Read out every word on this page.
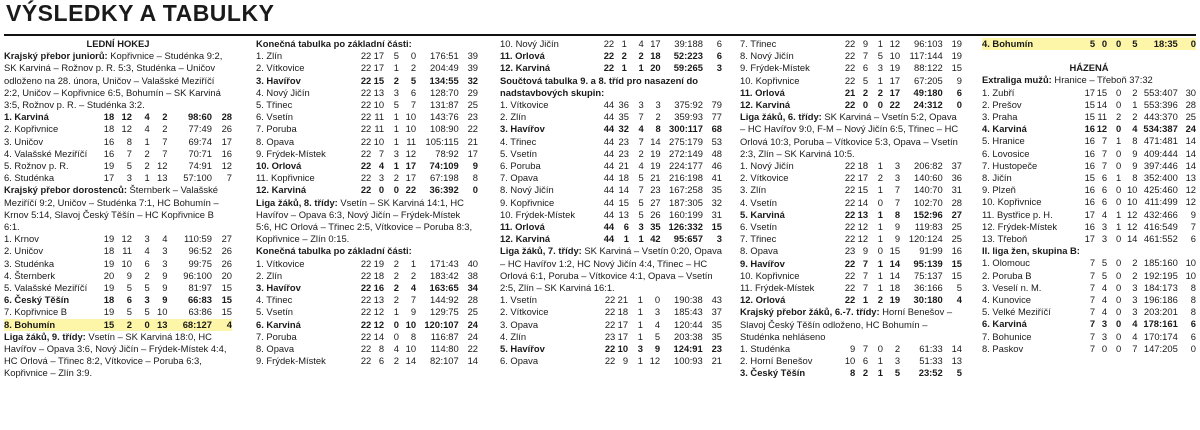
VÝSLEDKY A TABULKY
LEDNÍ HOKEJ
Krajský přebor juniorů: Kopřivnice – Studénka 9:2, SK Karviná – Rožnov p. R. 5:3, Studénka – Uničov odloženo na 28. února, Uničov – Valašské Meziříčí 2:2, Uničov – Kopřivnice 6:5, Bohumín – SK Karviná 3:5, Rožnov p. R. – Studénka 3:2.
1. Karviná	18	12	4	2	98:60	28
2. Kopřivnice	18	12	4	2	77:49	26
3. Uničov	16	8	1	7	69:74	17
4. Valašské Meziříčí	16	7	2	7	70:71	16
5. Rožnov p. R.	19	5	2	12	74:91	12
6. Studénka	17	3	1	13	57:100	7
Krajský přebor dorostenců: Šternberk – Valašské Meziříčí 9:2, Uničov – Studénka 7:1, HC Bohumín – Krnov 5:14, Slavoj Český Těšín – HC Kopřivnice B 6:1.
1. Krnov	19	12	3	4	110:59	27
2. Uničov	18	11	4	3	96:52	26
3. Studénka	19	10	6	3	99:75	26
4. Šternberk	20	9	2	9	96:100	20
5. Valašské Meziříčí	19	5	5	9	81:97	15
6. Český Těšín	18	6	3	9	66:83	15
7. Kopřivnice B	19	5	5	10	63:86	15
8. Bohumín	15	2	0	13	68:127	4
Liga žáků, 9. třídy: Vsetín – SK Karviná 18:0, HC Havířov – Opava 3:6, Nový Jičín – Frýdek-Místek 4:4, HC Orlová – Třinec 8:2, Vítkovice – Poruba 6:3, Kopřivnice – Zlín 3:9.
Konečná tabulka po základní části:
1. Zlín	22	17	5	0	176:51	39
2. Vítkovice	22	17	1	2	204:49	39
3. Havířov	22	15	2	5	134:55	32
4. Nový Jičín	22	13	3	6	128:70	29
5. Třinec	22	10	5	7	131:87	25
6. Vsetín	22	11	1	10	143:76	23
7. Poruba	22	11	1	10	108:90	22
8. Opava	22	10	1	11	105:115	21
9. Frýdek-Místek	22	7	3	12	78:92	17
10. Orlová	22	4	1	17	74:109	9
11. Kopřivnice	22	3	2	17	67:198	8
12. Karviná	22	0	0	22	36:392	0
Liga žáků, 8. třídy: Vsetín – SK Karviná 14:1, HC Havířov – Opava 6:3, Nový Jičín – Frýdek-Místek 5:6, HC Orlová – Třinec 2:5, Vítkovice – Poruba 8:3, Kopřivnice – Zlín 0:15.
Konečná tabulka po základní části:
1. Vítkovice	22	19	2	1	171:43	40
2. Zlín	22	18	2	2	183:42	38
3. Havířov	22	16	2	4	163:65	34
4. Třinec	22	13	2	7	144:92	28
5. Vsetín	22	12	1	9	129:75	25
6. Karviná	22	12	0	10	120:107	24
7. Poruba	22	14	0	8	116:87	24
8. Opava	22	8	4	10	114:80	22
9. Frýdek-Místek	22	6	2	14	82:107	14
10. Nový Jičín	22	1	4	17	39:188	6
11. Orlová	22	2	2	18	52:223	6
12. Karviná	22	1	1	20	59:265	3
Součtová tabulka 9. a 8. tříd pro nasazení do nadstavbových skupin:
1. Vítkovice	44	36	3	3	375:92	79
2. Zlín	44	35	7	2	359:93	77
3. Havířov	44	32	4	8	300:117	68
4. Třinec	44	23	7	14	275:179	53
5. Vsetín	44	23	2	19	272:149	48
6. Poruba	44	21	4	19	224:177	46
7. Opava	44	18	5	21	216:198	41
8. Nový Jičín	44	14	7	23	167:258	35
9. Kopřivnice	44	15	5	27	187:305	32
10. Frýdek-Místek	44	13	5	26	160:199	31
11. Orlová	44	6	3	35	126:332	15
12. Karviná	44	1	1	42	95:657	3
Liga žáků, 7. třídy: SK Karviná – Vsetín 0:20, Opava – HC Havířov 1:2, HC Nový Jičín 4:4, Třinec – HC Orlová 6:1, Poruba – Vítkovice 4:1, Opava – Vsetín 2:5, Zlín – SK Karviná 16:1.
1. Vsetín	22	21	1	0	190:38	43
2. Vítkovice	22	18	1	3	185:43	37
3. Opava	22	17	1	4	120:44	35
4. Zlín	23	17	1	5	203:38	35
5. Havířov	22	10	3	9	124:91	23
6. Opava	22	9	1	12	100:93	21
7. Třinec	22	9	1	12	96:103	19
8. Nový Jičín	22	7	5	10	117:144	19
9. Frýdek-Místek	22	6	3	19	88:122	15
10. Kopřivnice	22	5	1	17	67:205	9
11. Orlová	21	2	2	17	49:180	6
12. Karviná	22	0	0	22	24:312	0
Liga žáků, 6. třídy: SK Karviná – Vsetín 5:2, Opava – HC Havířov 9:0, F-M – Nový Jičín 6:5, Třinec – HC Orlová 10:3, Poruba – Vítkovice 5:3, Opava – Vsetín 2:3, Zlín – SK Karviná 10:5.
1. Nový Jičín	22	18	1	3	206:82	37
2. Vítkovice	22	17	2	3	140:60	36
3. Zlín	22	15	1	7	140:70	31
4. Vsetín	22	14	0	7	102:70	28
5. Karviná	22	13	1	8	152:96	27
6. Vsetín	22	12	1	9	119:83	25
7. Třinec	22	12	1	9	120:124	25
8. Opava	23	9	0	15	91:99	16
9. Havířov	22	7	1	14	95:139	15
10. Kopřivnice	22	7	1	14	75:137	15
11. Frýdek-Místek	22	7	1	18	36:166	5
12. Orlová	22	1	2	19	30:180	4
Krajský přebor žáků, 6.-7. třídy: Horní Benešov – Slavoj Český Těšín odloženo, HC Bohumín – Studénka nehláseno
1. Studénka	9	7	0	2	61:33	14
2. Horní Benešov	10	6	1	3	51:33	13
3. Český Těšín	8	2	1	5	23:52	5
4. Bohumín	5	0	0	5	18:35	0
HÁZENÁ
Extraliga mužů: Hranice – Třeboň 37:32
1. Zubří	17	15	0	2	553:407	30
2. Prešov	15	14	0	1	553:396	28
3. Praha	15	11	2	2	443:370	25
4. Karviná	16	12	0	4	534:387	24
5. Hranice	16	7	1	8	471:481	14
6. Lovosice	16	7	0	9	409:444	14
7. Hustopeče	16	7	0	9	397:446	14
8. Jičín	15	6	1	8	352:400	13
9. Plzeň	16	6	0	10	425:460	12
10. Kopřivnice	16	6	0	10	411:499	12
11. Bystřice p. H.	17	4	1	12	432:466	9
12. Frýdek-Místek	16	3	1	12	416:549	7
13. Třeboň	17	3	0	14	461:552	6
II. liga žen, skupina B:
1. Olomouc	7	5	0	2	185:160	10
2. Poruba B	7	5	0	2	192:195	10
3. Veselí n. M.	7	4	0	3	184:173	8
4. Kunovice	7	4	0	3	196:186	8
5. Velké Meziříčí	7	4	0	3	203:201	8
6. Karviná	7	3	0	4	178:161	6
7. Bohunice	7	3	0	4	170:174	6
8. Paskov	7	0	0	7	147:205	0
